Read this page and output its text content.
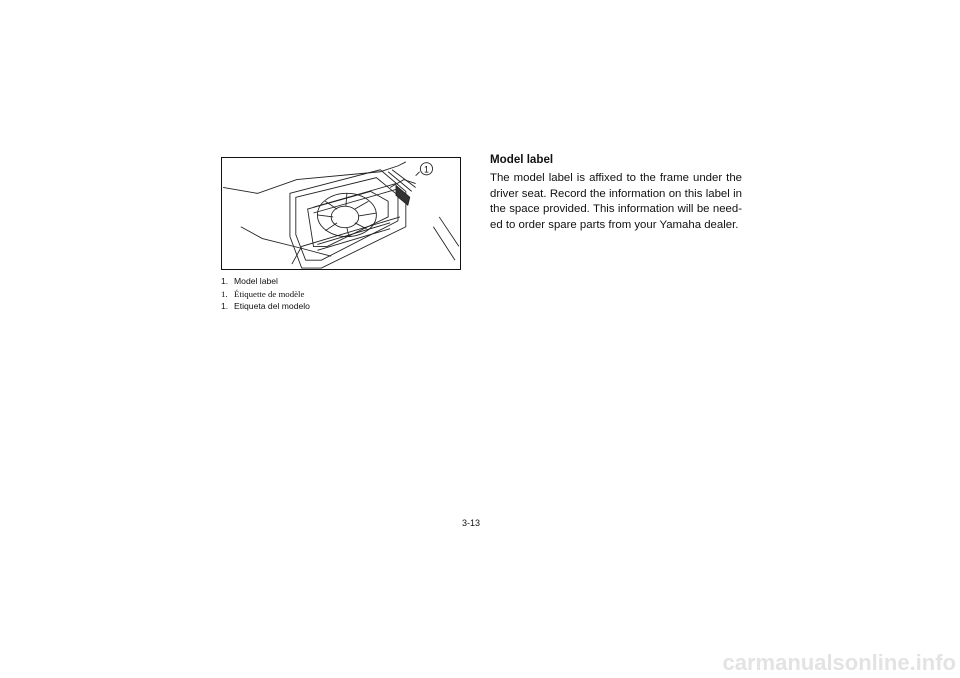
1
1. Model label
1. Étiquette de modèle
1. Etiqueta del modelo
Model label

The model label is affixed to the frame under the driver seat. Record the information on this label in the space provided. This information will be need-ed to order spare parts from your Yamaha dealer.

3-13
carmanualsonline.info
